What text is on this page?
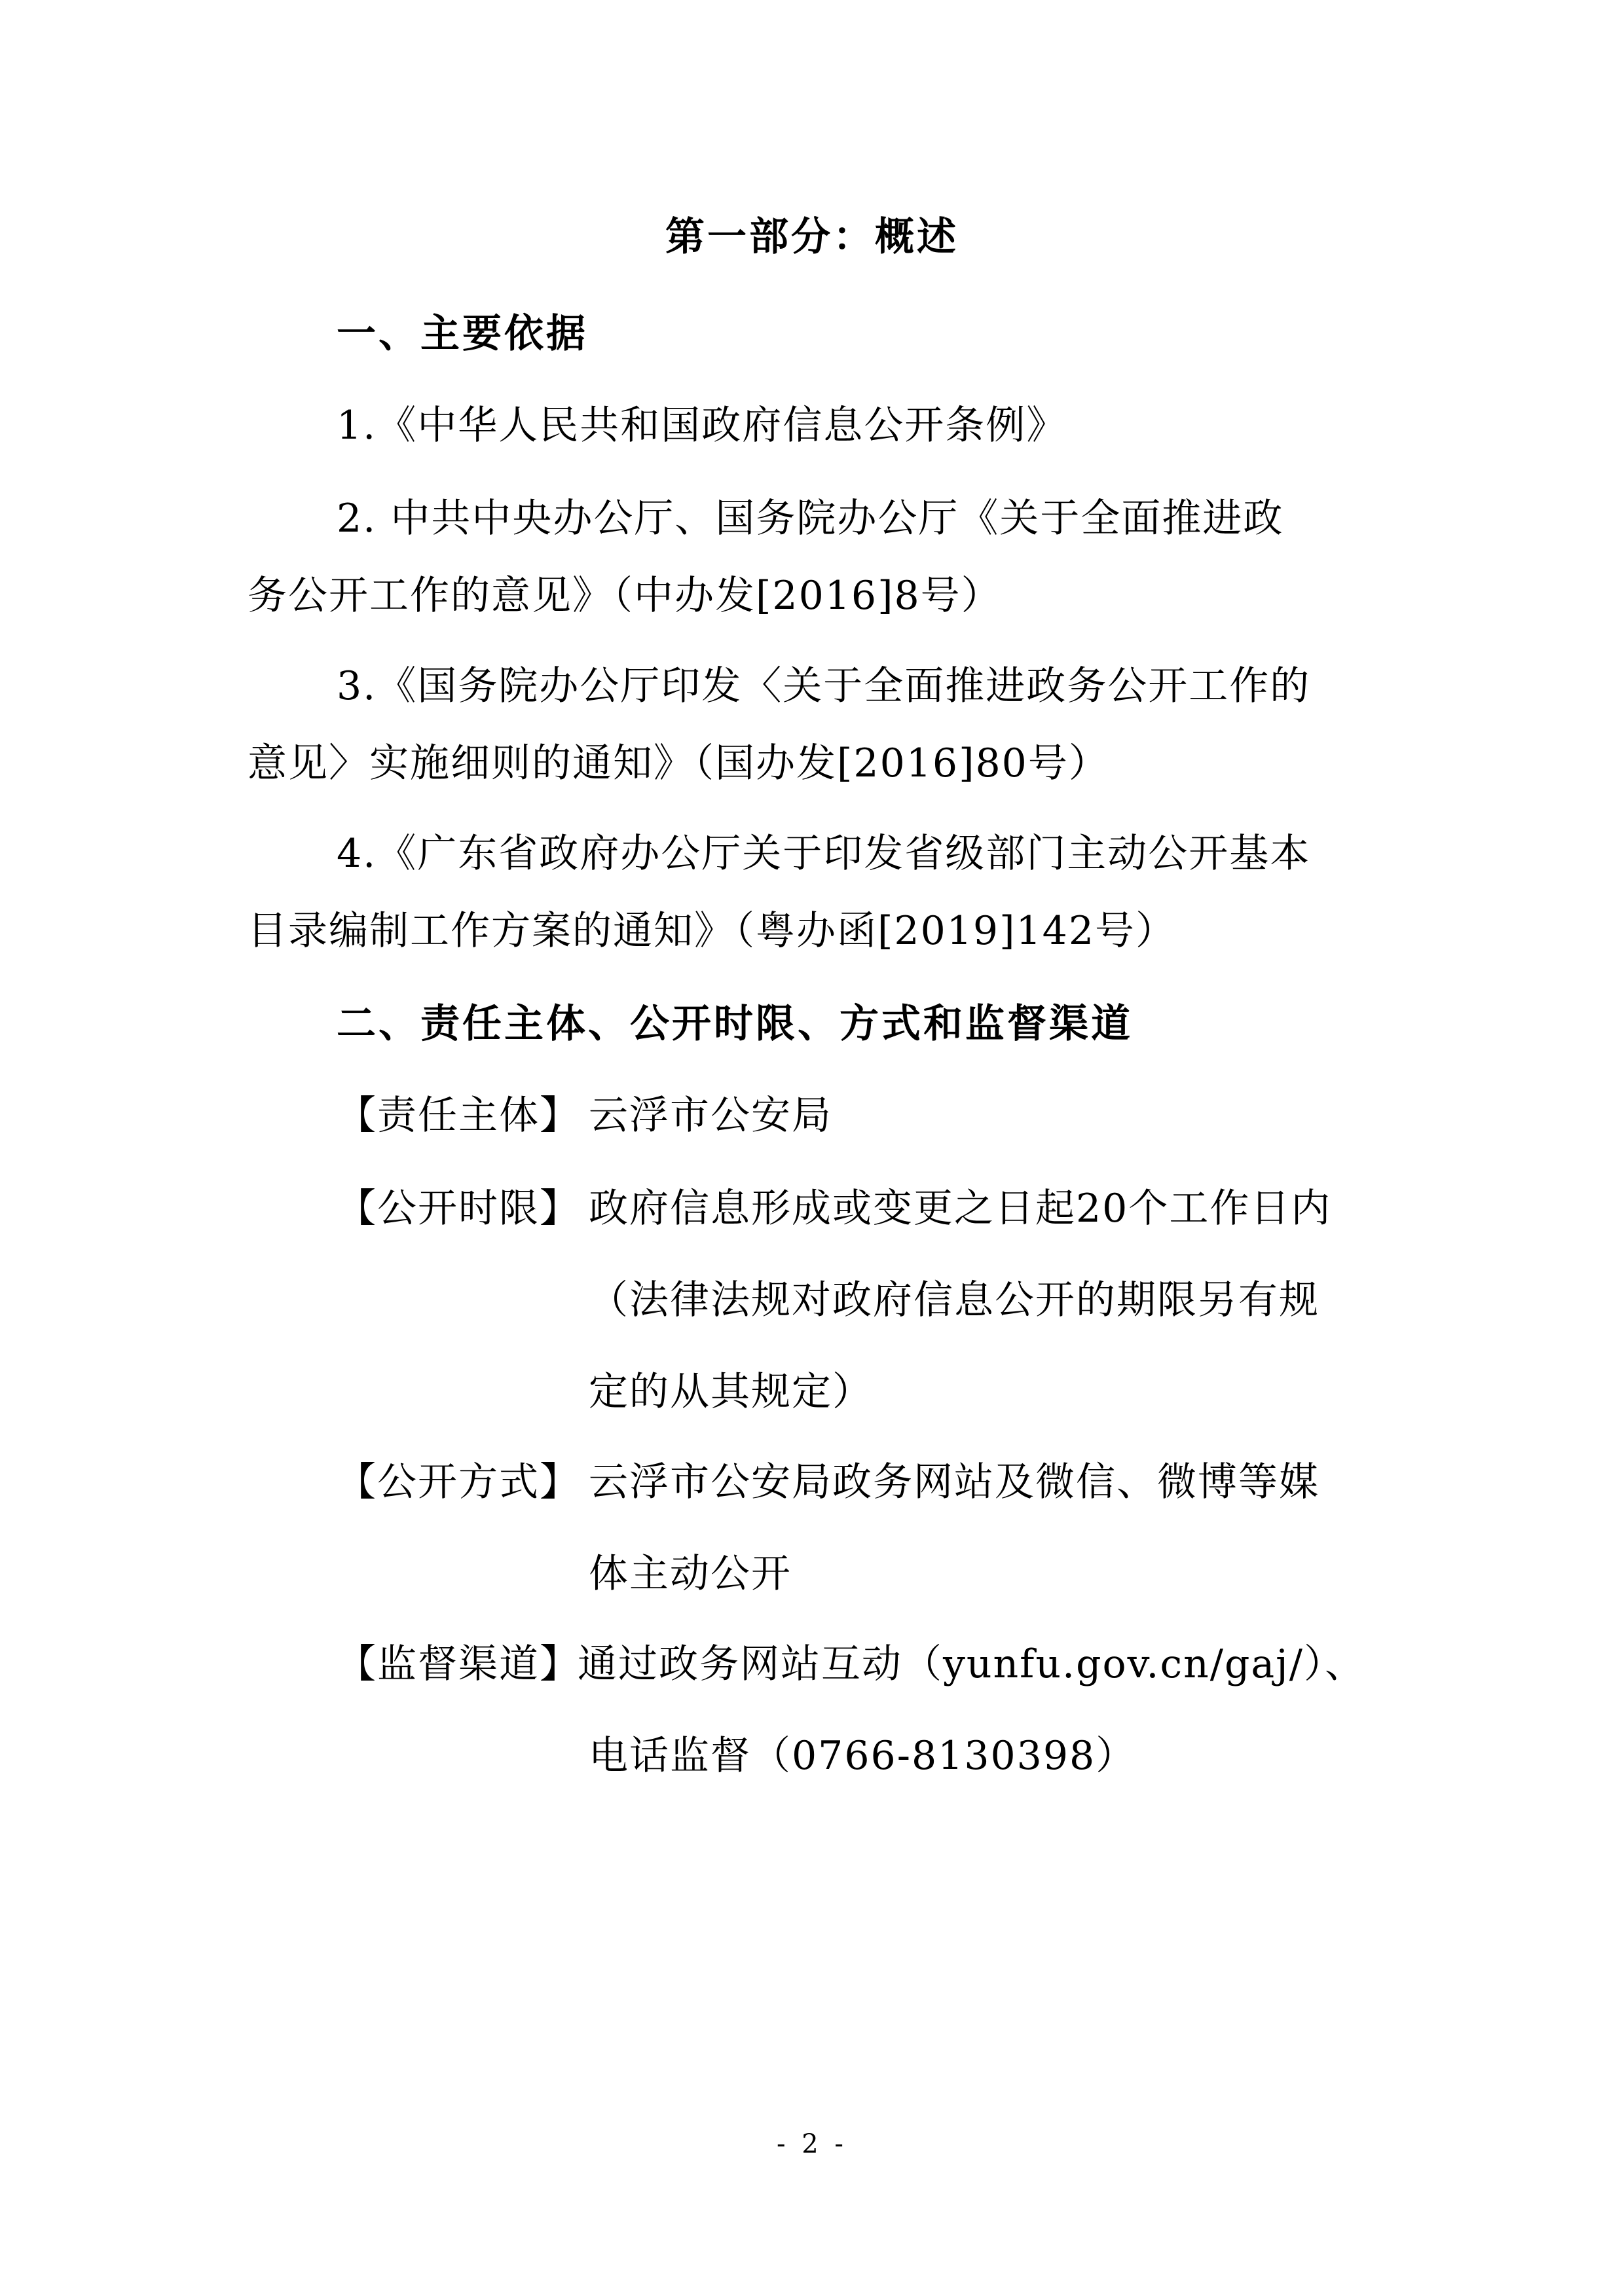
第一部分：概述
一、主要依据
1.《中华人民共和国政府信息公开条例》
2. 中共中央办公厅、国务院办公厅《关于全面推进政
务公开工作的意见》（中办发[2016]8号）
3.《国务院办公厅印发〈关于全面推进政务公开工作的
意见〉实施细则的通知》（国办发[2016]80号）
4.《广东省政府办公厅关于印发省级部门主动公开基本
目录编制工作方案的通知》（粤办函[2019]142号）
二、责任主体、公开时限、方式和监督渠道
【责任主体】 云浮市公安局
【公开时限】 政府信息形成或变更之日起20个工作日内
（法律法规对政府信息公开的期限另有规
定的从其规定）
【公开方式】 云浮市公安局政务网站及微信、微博等媒
体主动公开
【监督渠道】
通过政务网站互动（yunfu.gov.cn/gaj/）、
电话监督（0766-8130398）
- 2 -
